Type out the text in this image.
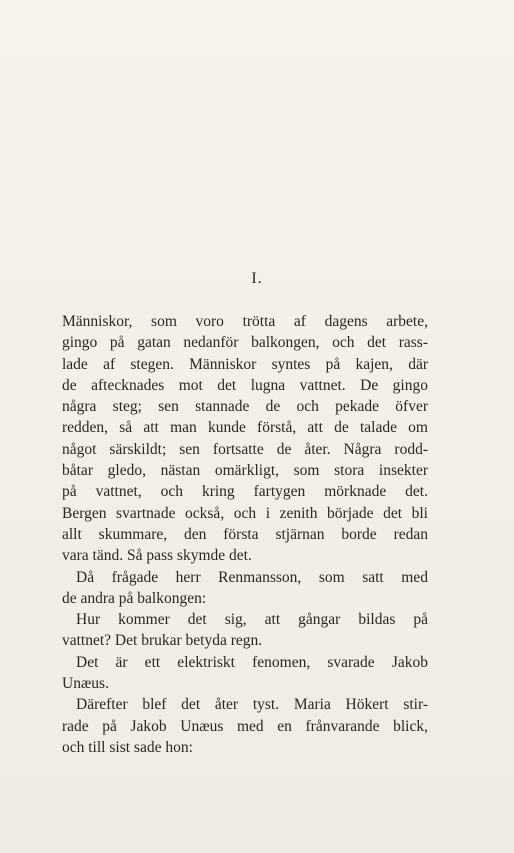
I.
Människor, som voro trötta af dagens arbete,
gingo på gatan nedanför balkongen, och det rass-
lade af stegen. Människor syntes på kajen, där
de aftecknades mot det lugna vattnet. De gingo
några steg; sen stannade de och pekade öfver
redden, så att man kunde förstå, att de talade om
något särskildt; sen fortsatte de åter. Några rodd-
båtar gledo, nästan omärkligt, som stora insekter
på vattnet, och kring fartygen mörknade det.
Bergen svartnade också, och i zenith började det bli
allt skummare, den första stjärnan borde redan
vara tänd. Så pass skymde det.
Då frågade herr Renmansson, som satt med
de andra på balkongen:
Hur kommer det sig, att gångar bildas på
vattnet? Det brukar betyda regn.
Det är ett elektriskt fenomen, svarade Jakob
Unæus.
Därefter blef det åter tyst. Maria Hökert stir-
rade på Jakob Unæus med en frånvarande blick,
och till sist sade hon:
